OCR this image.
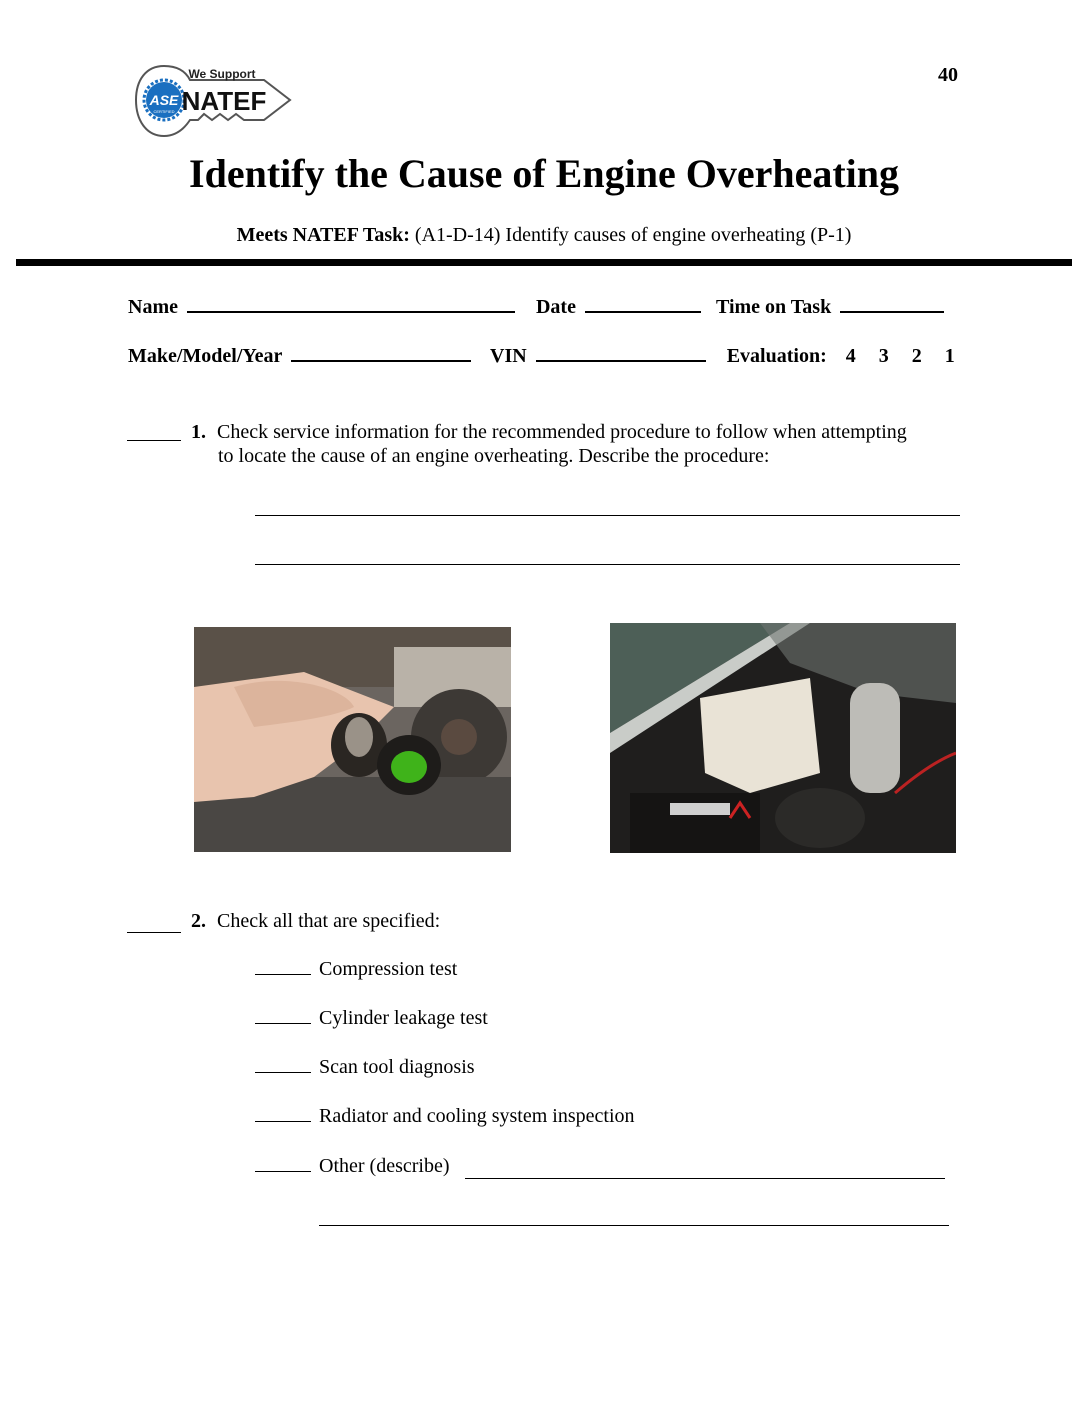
40
ASE
CERTIFIED
We Support
NATEF
Identify the Cause of Engine Overheating
Meets NATEF Task: (A1-D-14) Identify causes of engine overheating (P-1)
Name	Date	Time on Task
Make/Model/Year	VIN	Evaluation: 4 3 2 1
1. Check service information for the recommended procedure to follow when attempting
to locate the cause of an engine overheating. Describe the procedure:
2. Check all that are specified:
Compression test
Cylinder leakage test
Scan tool diagnosis
Radiator and cooling system inspection
Other (describe)
